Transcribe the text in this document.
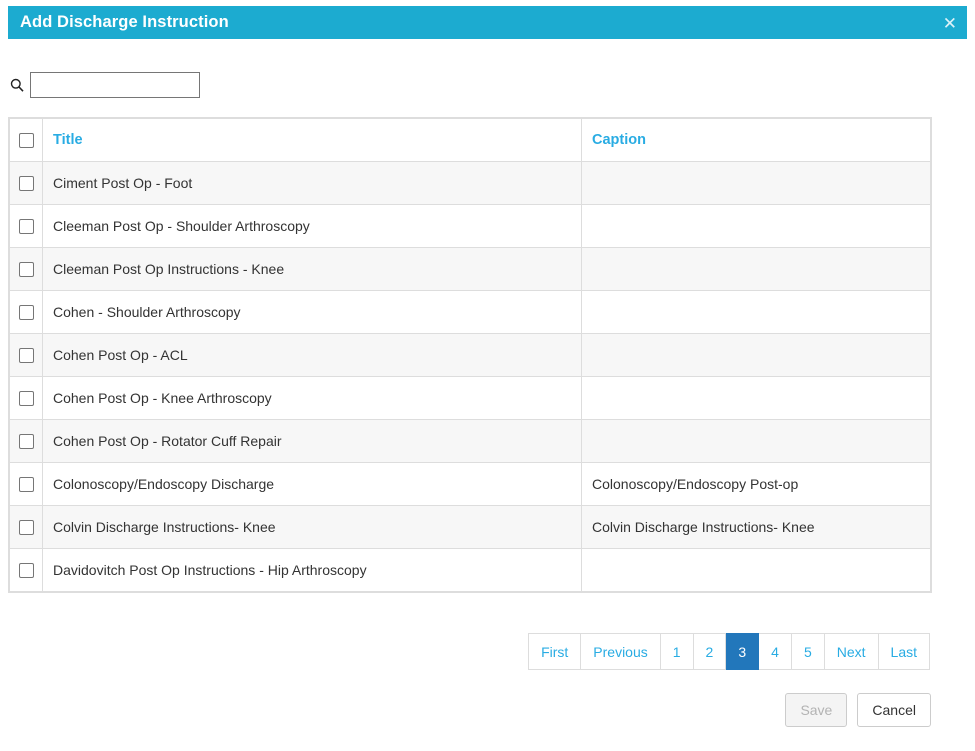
Add Discharge Instruction	✕
	Title	Caption
	Ciment Post Op - Foot	
	Cleeman Post Op - Shoulder Arthroscopy	
	Cleeman Post Op Instructions - Knee	
	Cohen - Shoulder Arthroscopy	
	Cohen Post Op - ACL	
	Cohen Post Op - Knee Arthroscopy	
	Cohen Post Op - Rotator Cuff Repair	
	Colonoscopy/Endoscopy Discharge	Colonoscopy/Endoscopy Post-op
	Colvin Discharge Instructions- Knee	Colvin Discharge Instructions- Knee
	Davidovitch Post Op Instructions - Hip Arthroscopy	
First	Previous	1	2	3	4	5	Next	Last
Save	Cancel
